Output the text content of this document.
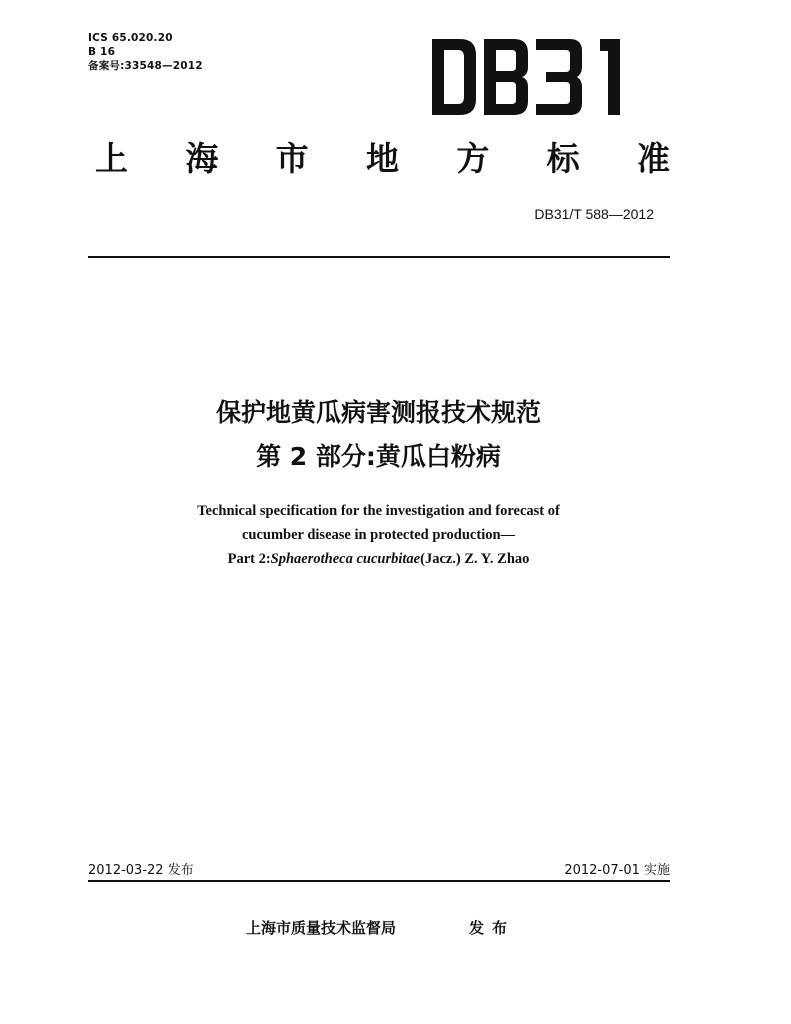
ICS 65.020.20
B 16
备案号:33548—2012
上 海 市 地 方 标 准
DB31/T 588—2012
保护地黄瓜病害测报技术规范
第 2 部分:黄瓜白粉病
Technical specification for the investigation and forecast of
cucumber disease in protected production—
Part 2:Sphaerotheca cucurbitae(Jacz.) Z. Y. Zhao
2012-03-22 发布	2012-07-01 实施
上海市质量技术监督局	发布
